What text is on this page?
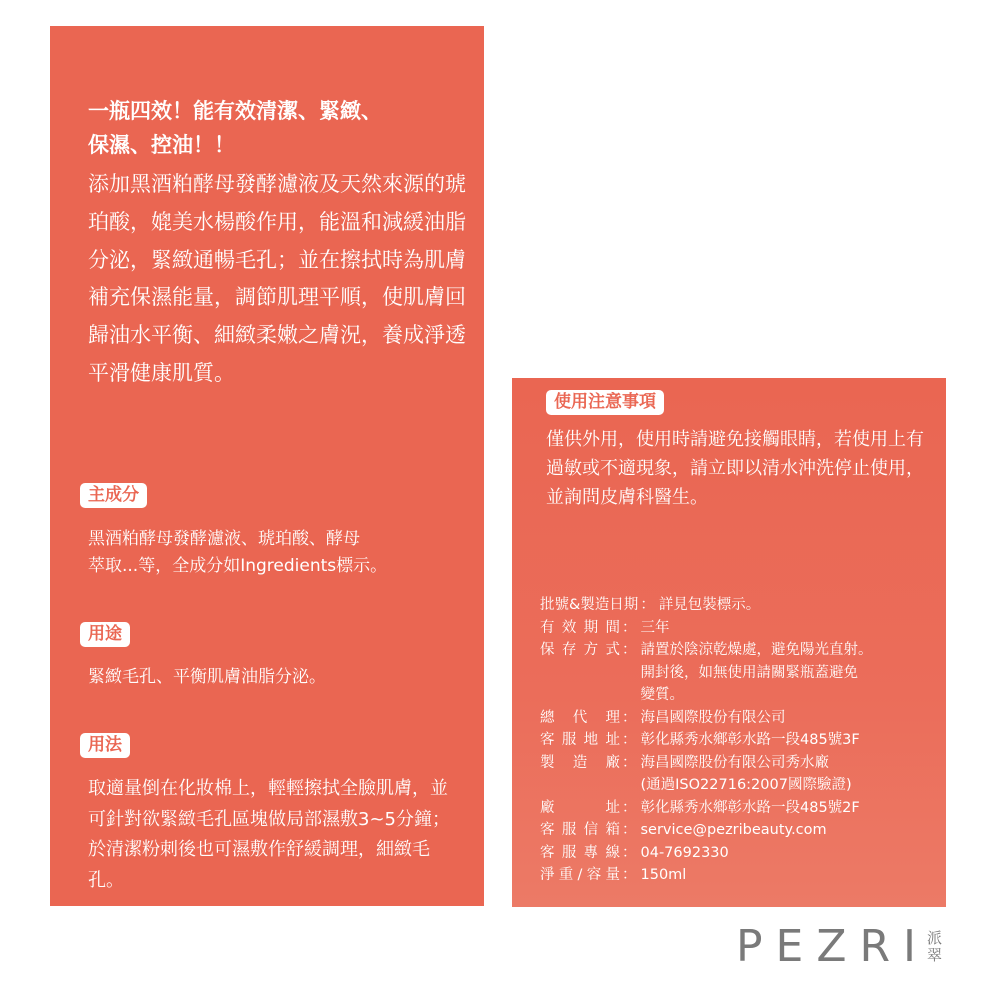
一瓶四效！能有效清潔、緊緻、
保濕、控油！！

添加黑酒粕酵母發酵濾液及天然來源的琥珀酸，媲美水楊酸作用，能溫和減緩油脂分泌，緊緻通暢毛孔；並在擦拭時為肌膚補充保濕能量，調節肌理平順，使肌膚回歸油水平衡、細緻柔嫩之膚況，養成淨透平滑健康肌質。

主成分

黑酒粕酵母發酵濾液、琥珀酸、酵母
萃取...等，全成分如Ingredients標示。

用途

緊緻毛孔、平衡肌膚油脂分泌。

用法

取適量倒在化妝棉上，輕輕擦拭全臉肌膚，並可針對欲緊緻毛孔區塊做局部濕敷3~5分鐘；於清潔粉刺後也可濕敷作舒緩調理，細緻毛孔。

使用注意事項

僅供外用，使用時請避免接觸眼睛，若使用上有過敏或不適現象，請立即以清水沖洗停止使用，並詢問皮膚科醫生。

批號&製造日期 ： 詳見包裝標示。
有效期間 ： 三年
保存方式 ： 請置於陰涼乾燥處，避免陽光直射。
開封後，如無使用請關緊瓶蓋避免
變質。
總代理 ： 海昌國際股份有限公司
客服地址 ： 彰化縣秀水鄉彰水路一段485號3F
製造廠 ： 海昌國際股份有限公司秀水廠
(通過ISO22716:2007國際驗證)
廠址 ： 彰化縣秀水鄉彰水路一段485號2F
客服信箱 ： service@pezribeauty.com
客服專線 ： 04-7692330
淨重/容量 ： 150ml
PEZRI
派翠
